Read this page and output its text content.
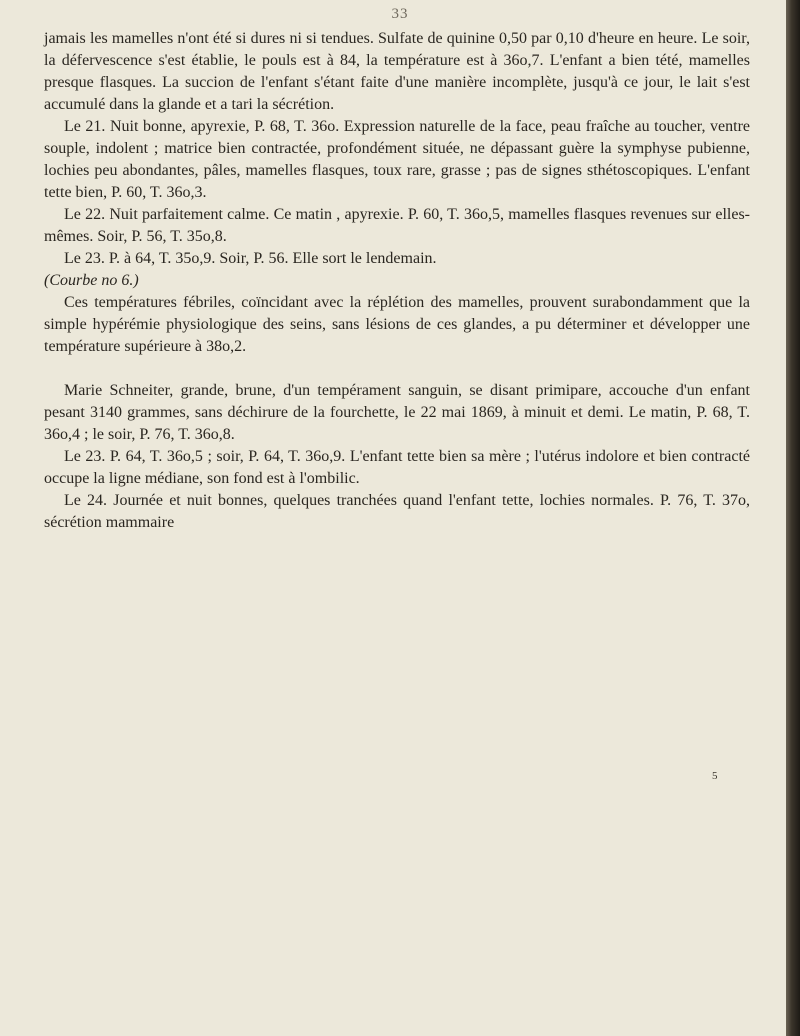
33

jamais les mamelles n'ont été si dures ni si tendues. Sulfate de quinine 0,50 par 0,10 d'heure en heure. Le soir, la défervescence s'est établie, le pouls est à 84, la température est à 36o,7. L'enfant a bien tété, mamelles presque flasques. La succion de l'enfant s'étant faite d'une manière incomplète, jusqu'à ce jour, le lait s'est accumulé dans la glande et a tari la sécrétion.

Le 21. Nuit bonne, apyrexie, P. 68, T. 36o. Expression naturelle de la face, peau fraîche au toucher, ventre souple, indolent ; matrice bien contractée, profondément située, ne dépassant guère la symphyse pubienne, lochies peu abondantes, pâles, mamelles flasques, toux rare, grasse ; pas de signes sthétoscopiques. L'enfant tette bien, P. 60, T. 36o,3.

Le 22. Nuit parfaitement calme. Ce matin , apyrexie. P. 60, T. 36o,5, mamelles flasques revenues sur elles-mêmes. Soir, P. 56, T. 35o,8.

Le 23. P. à 64, T. 35o,9. Soir, P. 56. Elle sort le lendemain.
(Courbe no 6.)

Ces températures fébriles, coïncidant avec la réplétion des mamelles, prouvent surabondamment que la simple hypérémie physiologique des seins, sans lésions de ces glandes, a pu déterminer et développer une température supérieure à 38o,2.

Marie Schneiter, grande, brune, d'un tempérament sanguin, se disant primipare, accouche d'un enfant pesant 3140 grammes, sans déchirure de la fourchette, le 22 mai 1869, à minuit et demi. Le matin, P. 68, T. 36o,4 ; le soir, P. 76, T. 36o,8.

Le 23. P. 64, T. 36o,5 ; soir, P. 64, T. 36o,9. L'enfant tette bien sa mère ; l'utérus indolore et bien contracté occupe la ligne médiane, son fond est à l'ombilic.

Le 24. Journée et nuit bonnes, quelques tranchées quand l'enfant tette, lochies normales. P. 76, T. 37o, sécrétion mammaire

5
